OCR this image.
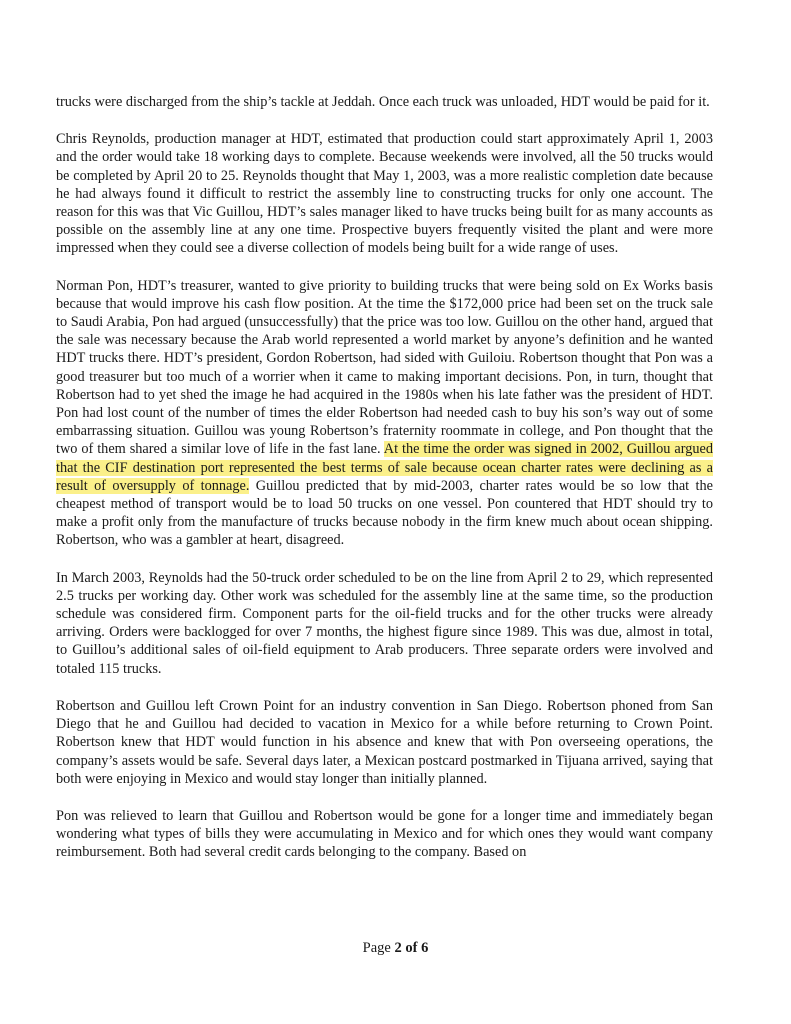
trucks were discharged from the ship’s tackle at Jeddah. Once each truck was unloaded, HDT would be paid for it.

Chris Reynolds, production manager at HDT, estimated that production could start approximately April 1, 2003 and the order would take 18 working days to complete. Because weekends were involved, all the 50 trucks would be completed by April 20 to 25. Reynolds thought that May 1, 2003, was a more realistic completion date because he had always found it difficult to restrict the assembly line to constructing trucks for only one account. The reason for this was that Vic Guillou, HDT’s sales manager liked to have trucks being built for as many accounts as possible on the assembly line at any one time. Prospective buyers frequently visited the plant and were more impressed when they could see a diverse collection of models being built for a wide range of uses.

Norman Pon, HDT’s treasurer, wanted to give priority to building trucks that were being sold on Ex Works basis because that would improve his cash flow position. At the time the $172,000 price had been set on the truck sale to Saudi Arabia, Pon had argued (unsuccessfully) that the price was too low. Guillou on the other hand, argued that the sale was necessary because the Arab world represented a world market by anyone’s definition and he wanted HDT trucks there. HDT’s president, Gordon Robertson, had sided with Guiloiu. Robertson thought that Pon was a good treasurer but too much of a worrier when it came to making important decisions. Pon, in turn, thought that Robertson had to yet shed the image he had acquired in the 1980s when his late father was the president of HDT. Pon had lost count of the number of times the elder Robertson had needed cash to buy his son’s way out of some embarrassing situation. Guillou was young Robertson’s fraternity roommate in college, and Pon thought that the two of them shared a similar love of life in the fast lane. At the time the order was signed in 2002, Guillou argued that the CIF destination port represented the best terms of sale because ocean charter rates were declining as a result of oversupply of tonnage. Guillou predicted that by mid-2003, charter rates would be so low that the cheapest method of transport would be to load 50 trucks on one vessel. Pon countered that HDT should try to make a profit only from the manufacture of trucks because nobody in the firm knew much about ocean shipping. Robertson, who was a gambler at heart, disagreed.

In March 2003, Reynolds had the 50-truck order scheduled to be on the line from April 2 to 29, which represented 2.5 trucks per working day. Other work was scheduled for the assembly line at the same time, so the production schedule was considered firm. Component parts for the oil-field trucks and for the other trucks were already arriving. Orders were backlogged for over 7 months, the highest figure since 1989. This was due, almost in total, to Guillou’s additional sales of oil-field equipment to Arab producers. Three separate orders were involved and totaled 115 trucks.

Robertson and Guillou left Crown Point for an industry convention in San Diego. Robertson phoned from San Diego that he and Guillou had decided to vacation in Mexico for a while before returning to Crown Point. Robertson knew that HDT would function in his absence and knew that with Pon overseeing operations, the company’s assets would be safe. Several days later, a Mexican postcard postmarked in Tijuana arrived, saying that both were enjoying in Mexico and would stay longer than initially planned.

Pon was relieved to learn that Guillou and Robertson would be gone for a longer time and immediately began wondering what types of bills they were accumulating in Mexico and for which ones they would want company reimbursement. Both had several credit cards belonging to the company. Based on

Page 2 of 6
